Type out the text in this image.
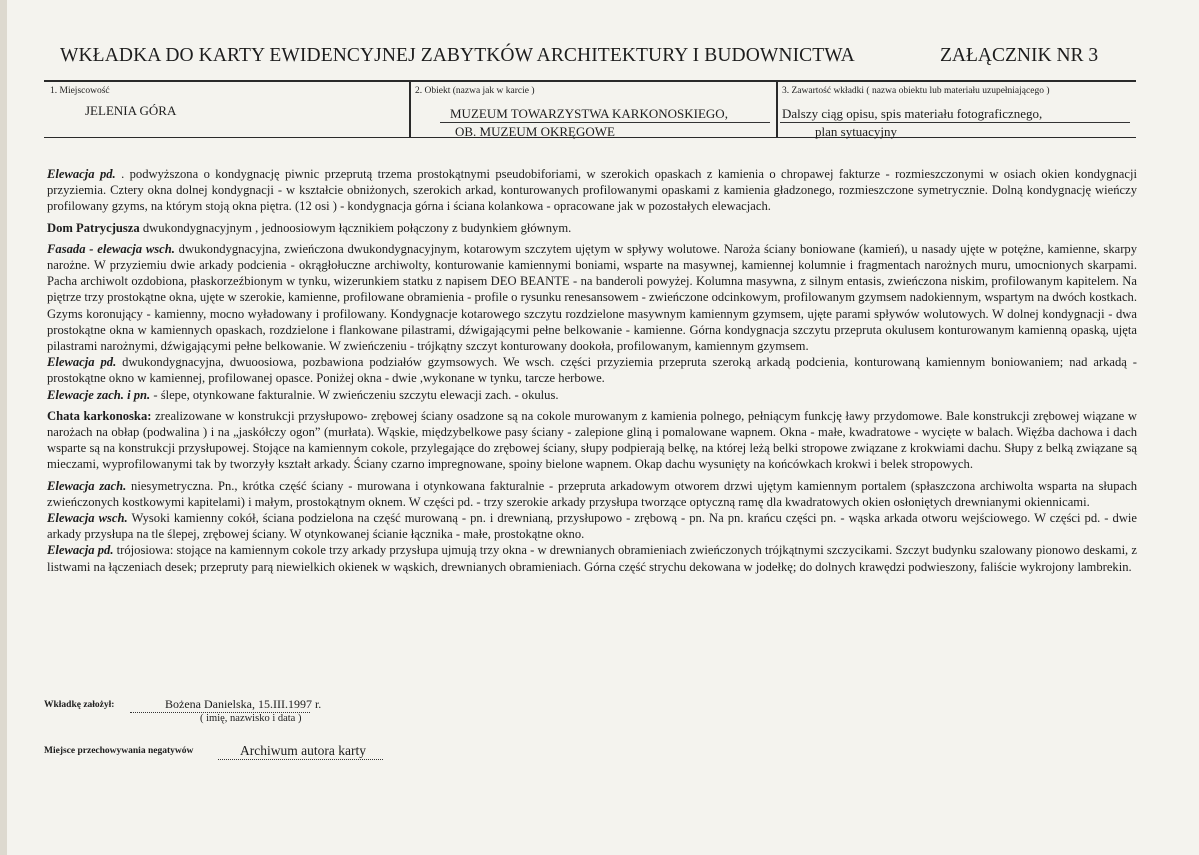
WKŁADKA DO KARTY EWIDENCYJNEJ ZABYTKÓW ARCHITEKTURY I BUDOWNICTWA	ZAŁĄCZNIK NR 3
1. Miejscowość
JELENIA GÓRA
2. Obiekt (nazwa jak w karcie )
MUZEUM TOWARZYSTWA KARKONOSKIEGO,
OB. MUZEUM OKRĘGOWE
3. Zawartość wkładki ( nazwa obiektu lub materiału uzupełniającego )
Dalszy ciąg opisu, spis materiału fotograficznego,
plan sytuacyjny

Elewacja pd. . podwyższona o kondygnację piwnic przeprutą trzema prostokątnymi pseudobiforiami, w szerokich opaskach z kamienia o chropawej fakturze - rozmieszczonymi w osiach okien kondygnacji przyziemia. Cztery okna dolnej kondygnacji - w kształcie obniżonych, szerokich arkad, konturowanych profilowanymi opaskami z kamienia gładzonego, rozmieszczone symetrycznie. Dolną kondygnację wieńczy profilowany gzyms, na którym stoją okna piętra. (12 osi ) - kondygnacja górna i ściana kolankowa - opracowane jak w pozostałych elewacjach.

Dom Patrycjusza dwukondygnacyjnym , jednoosiowym łącznikiem połączony z budynkiem głównym.

Fasada - elewacja wsch. dwukondygnacyjna, zwieńczona dwukondygnacyjnym, kotarowym szczytem ujętym w spływy wolutowe. Naroża ściany boniowane (kamień), u nasady ujęte w potężne, kamienne, skarpy narożne. W przyziemiu dwie arkady podcienia - okrągłołuczne archiwolty, konturowanie kamiennymi boniami, wsparte na masywnej, kamiennej kolumnie i fragmentach narożnych muru, umocnionych skarpami. Pacha archiwolt ozdobiona, płaskorzeźbionym w tynku, wizerunkiem statku z napisem DEO BEANTE - na banderoli powyżej. Kolumna masywna, z silnym entasis, zwieńczona niskim, profilowanym kapitelem. Na piętrze trzy prostokątne okna, ujęte w szerokie, kamienne, profilowane obramienia - profile o rysunku renesansowem - zwieńczone odcinkowym, profilowanym gzymsem nadokiennym, wspartym na dwóch kostkach. Gzyms koronujący - kamienny, mocno wyładowany i profilowany. Kondygnacje kotarowego szczytu rozdzielone masywnym kamiennym gzymsem, ujęte parami spływów wolutowych. W dolnej kondygnacji - dwa prostokątne okna w kamiennych opaskach, rozdzielone i flankowane pilastrami, dźwigającymi pełne belkowanie - kamienne. Górna kondygnacja szczytu przepruta okulusem konturowanym kamienną opaską, ujęta pilastrami narożnymi, dźwigającymi pełne belkowanie. W zwieńczeniu - trójkątny szczyt konturowany dookoła, profilowanym, kamiennym gzymsem.

Elewacja pd. dwukondygnacyjna, dwuoosiowa, pozbawiona podziałów gzymsowych. We wsch. części przyziemia przeprutа szeroką arkadą podcienia, konturowaną kamiennym boniowaniem; nad arkadą - prostokątne okno w kamiennej, profilowanej opasce. Poniżej okna - dwie ,wykonane w tynku, tarcze herbowe.

Elewacje zach. i pn. - ślepe, otynkowane fakturalnie. W zwieńczeniu szczytu elewacji zach. - okulus.

Chata karkonoska: zrealizowane w konstrukcji przysłupowo- zrębowej ściany osadzone są na cokole murowanym z kamienia polnego, pełniącym funkcję ławy przydomowe. Bale konstrukcji zrębowej wiązane w narożach na obłap (podwalina ) i na „jaskółczy ogon” (murłata). Wąskie, międzybelkowe pasy ściany - zalepione gliną i pomalowane wapnem. Okna - małe, kwadratowe - wycięte w balach. Więźba dachowa i dach wsparte są na konstrukcji przysłupowej. Stojące na kamiennym cokole, przylegające do zrębowej ściany, słupy podpierają belkę, na której leżą belki stropowe związane z krokwiami dachu. Słupy z belką związane są mieczami, wyprofilowanymi tak by tworzyły kształt arkady. Ściany czarno impregnowane, spoiny bielone wapnem. Okap dachu wysunięty na końcówkach krokwi i belek stropowych.

Elewacja zach. niesymetryczna. Pn., krótka część ściany - murowana i otynkowana fakturalnie - przepruta arkadowym otworem drzwi ujętym kamiennym portalem (spłaszczona archiwolta wsparta na słupach zwieńczonych kostkowymi kapitelami) i małym, prostokątnym oknem. W części pd. - trzy szerokie arkady przysłupa tworzące optyczną ramę dla kwadratowych okien osłoniętych drewnianymi okiennicami.

Elewacja wsch. Wysoki kamienny cokół, ściana podzielona na część murowaną - pn. i drewnianą, przysłupowo - zrębową - pn. Na pn. krańcu części pn. - wąska arkada otworu wejściowego. W części pd. - dwie arkady przysłupa na tle ślepej, zrębowej ściany. W otynkowanej ścianie łącznika - małe, prostokątne okno.

Elewacja pd. trójosiowa: stojące na kamiennym cokole trzy arkady przysłupa ujmują trzy okna - w drewnianych obramieniach zwieńczonych trójkątnymi szczycikami. Szczyt budynku szalowany pionowo deskami, z listwami na łączeniach desek; przepruty parą niewielkich okienek w wąskich, drewnianych obramieniach. Górna część strychu dekowana w jodełkę; do dolnych krawędzi podwieszony, faliście wykrojony lambrekin.

Wkładkę założył:	Bożena Danielska, 15.III.1997 r.
( imię, nazwisko i data )
Miejsce przechowywania negatywów	Archiwum autora karty
